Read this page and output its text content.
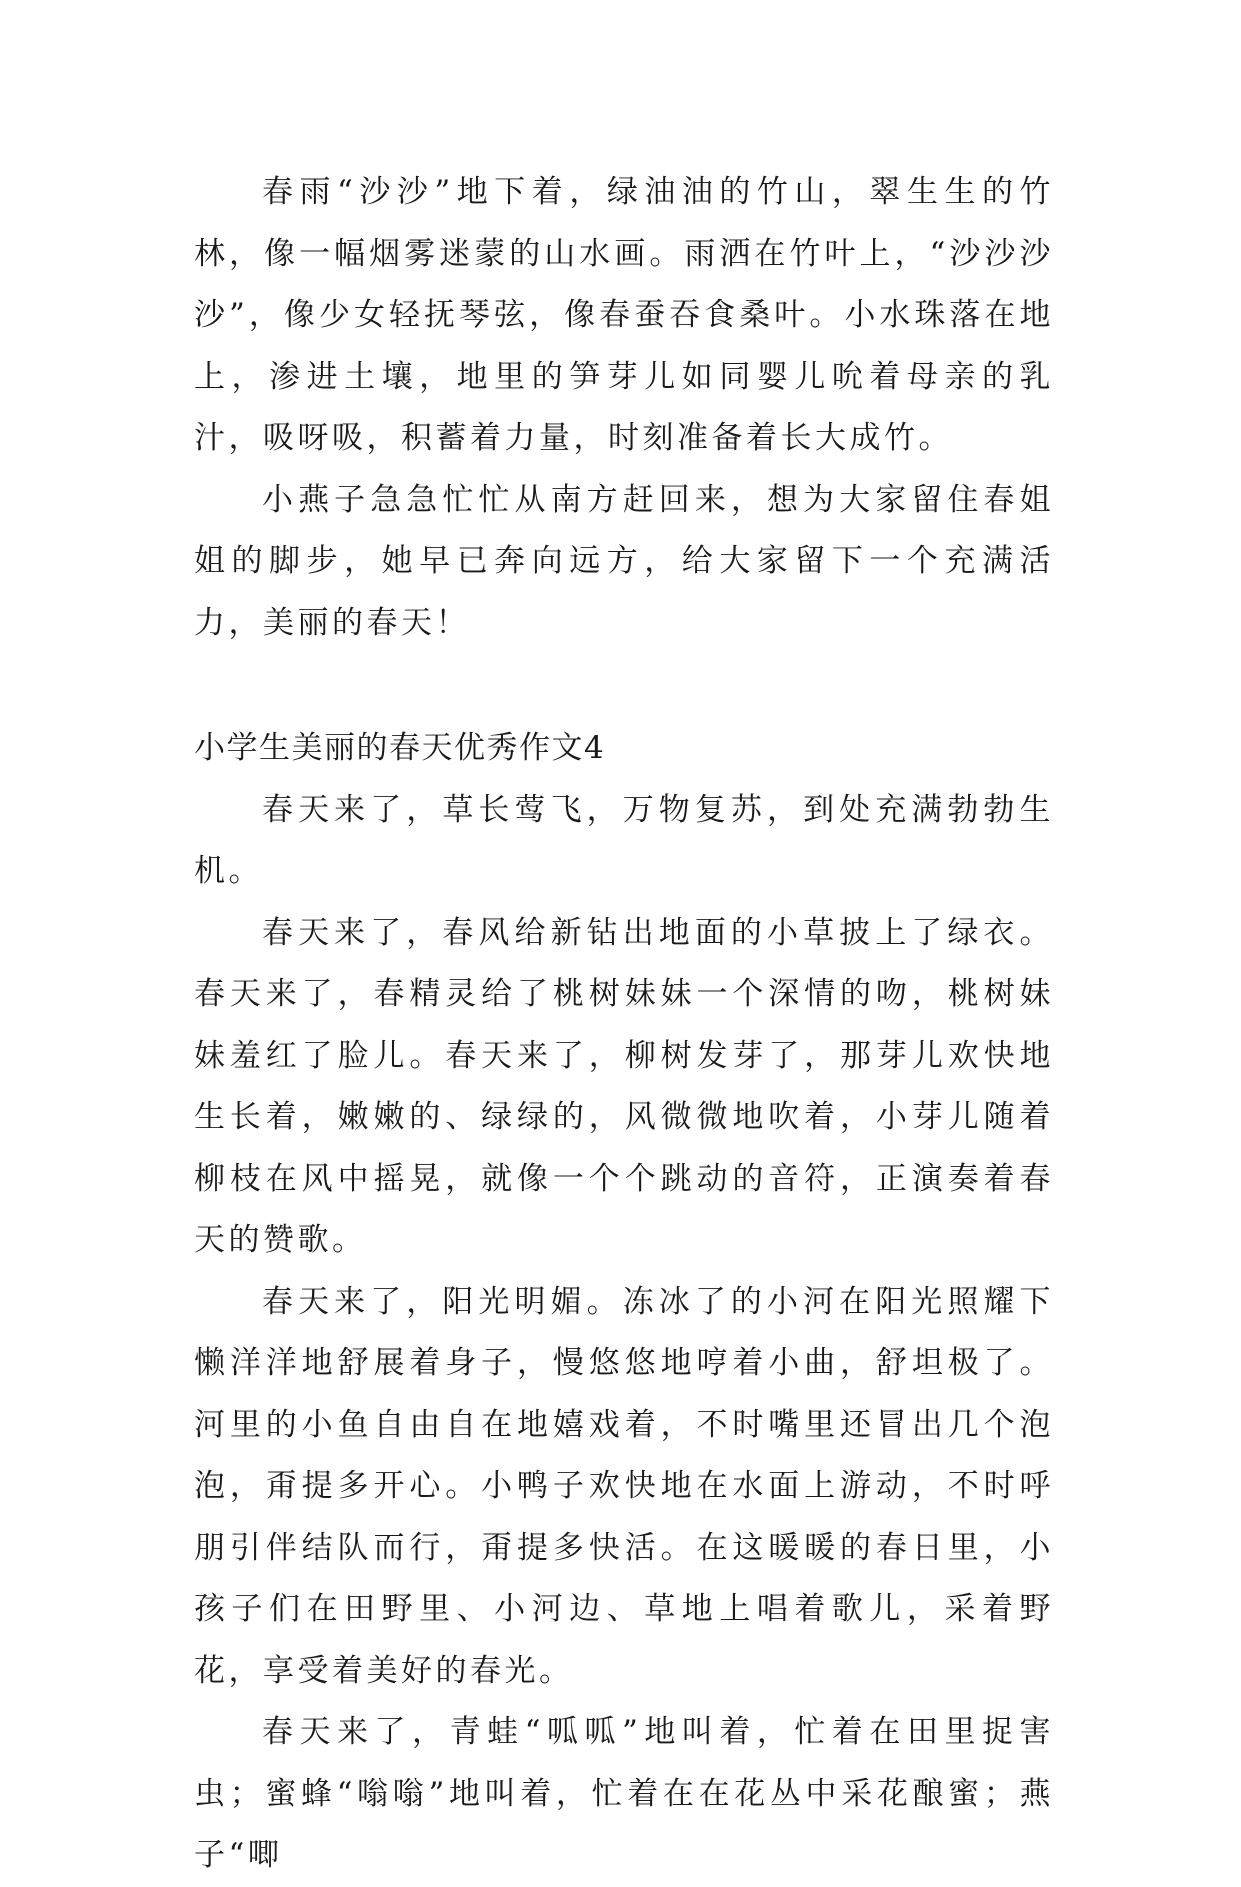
春雨“沙沙”地下着，绿油油的竹山，翠生生的竹林，像一幅烟雾迷蒙的山水画。雨洒在竹叶上，“沙沙沙沙”，像少女轻抚琴弦，像春蚕吞食桑叶。小水珠落在地上，渗进土壤，地里的笋芽儿如同婴儿吮着母亲的乳汁，吸呀吸，积蓄着力量，时刻准备着长大成竹。

小燕子急急忙忙从南方赶回来，想为大家留住春姐姐的脚步，她早已奔向远方，给大家留下一个充满活力，美丽的春天！

小学生美丽的春天优秀作文4

春天来了，草长莺飞，万物复苏，到处充满勃勃生机。

春天来了，春风给新钻出地面的小草披上了绿衣。春天来了，春精灵给了桃树妹妹一个深情的吻，桃树妹妹羞红了脸儿。春天来了，柳树发芽了，那芽儿欢快地生长着，嫩嫩的、绿绿的，风微微地吹着，小芽儿随着柳枝在风中摇晃，就像一个个跳动的音符，正演奏着春天的赞歌。

春天来了，阳光明媚。冻冰了的小河在阳光照耀下懒洋洋地舒展着身子，慢悠悠地哼着小曲，舒坦极了。河里的小鱼自由自在地嬉戏着，不时嘴里还冒出几个泡泡，甭提多开心。小鸭子欢快地在水面上游动，不时呼朋引伴结队而行，甭提多快活。在这暖暖的春日里，小孩子们在田野里、小河边、草地上唱着歌儿，采着野花，享受着美好的春光。

春天来了，青蛙“呱呱”地叫着，忙着在田里捉害虫；蜜蜂“嗡嗡”地叫着，忙着在在花丛中采花酿蜜；燕子“唧
